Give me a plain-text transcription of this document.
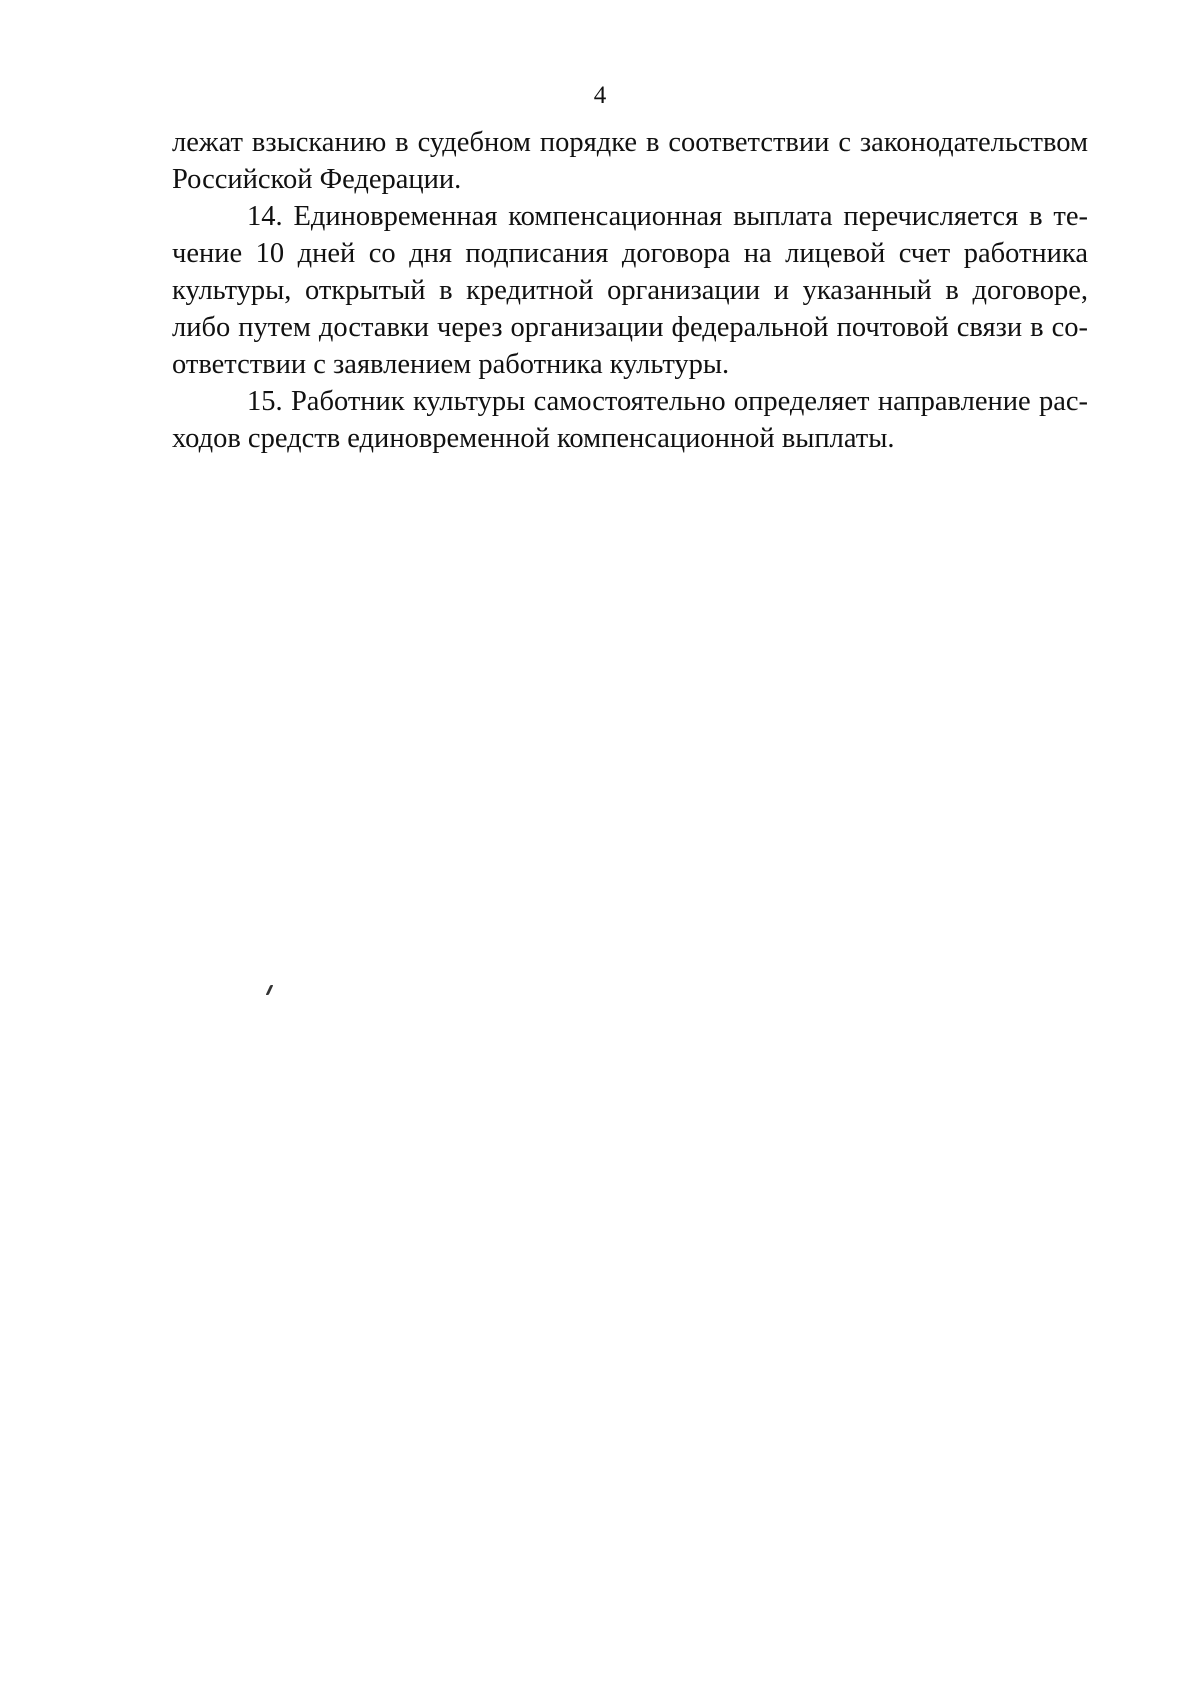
4

лежат взысканию в судебном порядке в соответствии с законодательством Российской Федерации.

14. Единовременная компенсационная выплата перечисляется в течение 10 дней со дня подписания договора на лицевой счет работника культуры, открытый в кредитной организации и указанный в договоре, либо путем доставки через организации федеральной почтовой связи в соответствии с заявлением работника культуры.

15. Работник культуры самостоятельно определяет направление расходов средств единовременной компенсационной выплаты.
